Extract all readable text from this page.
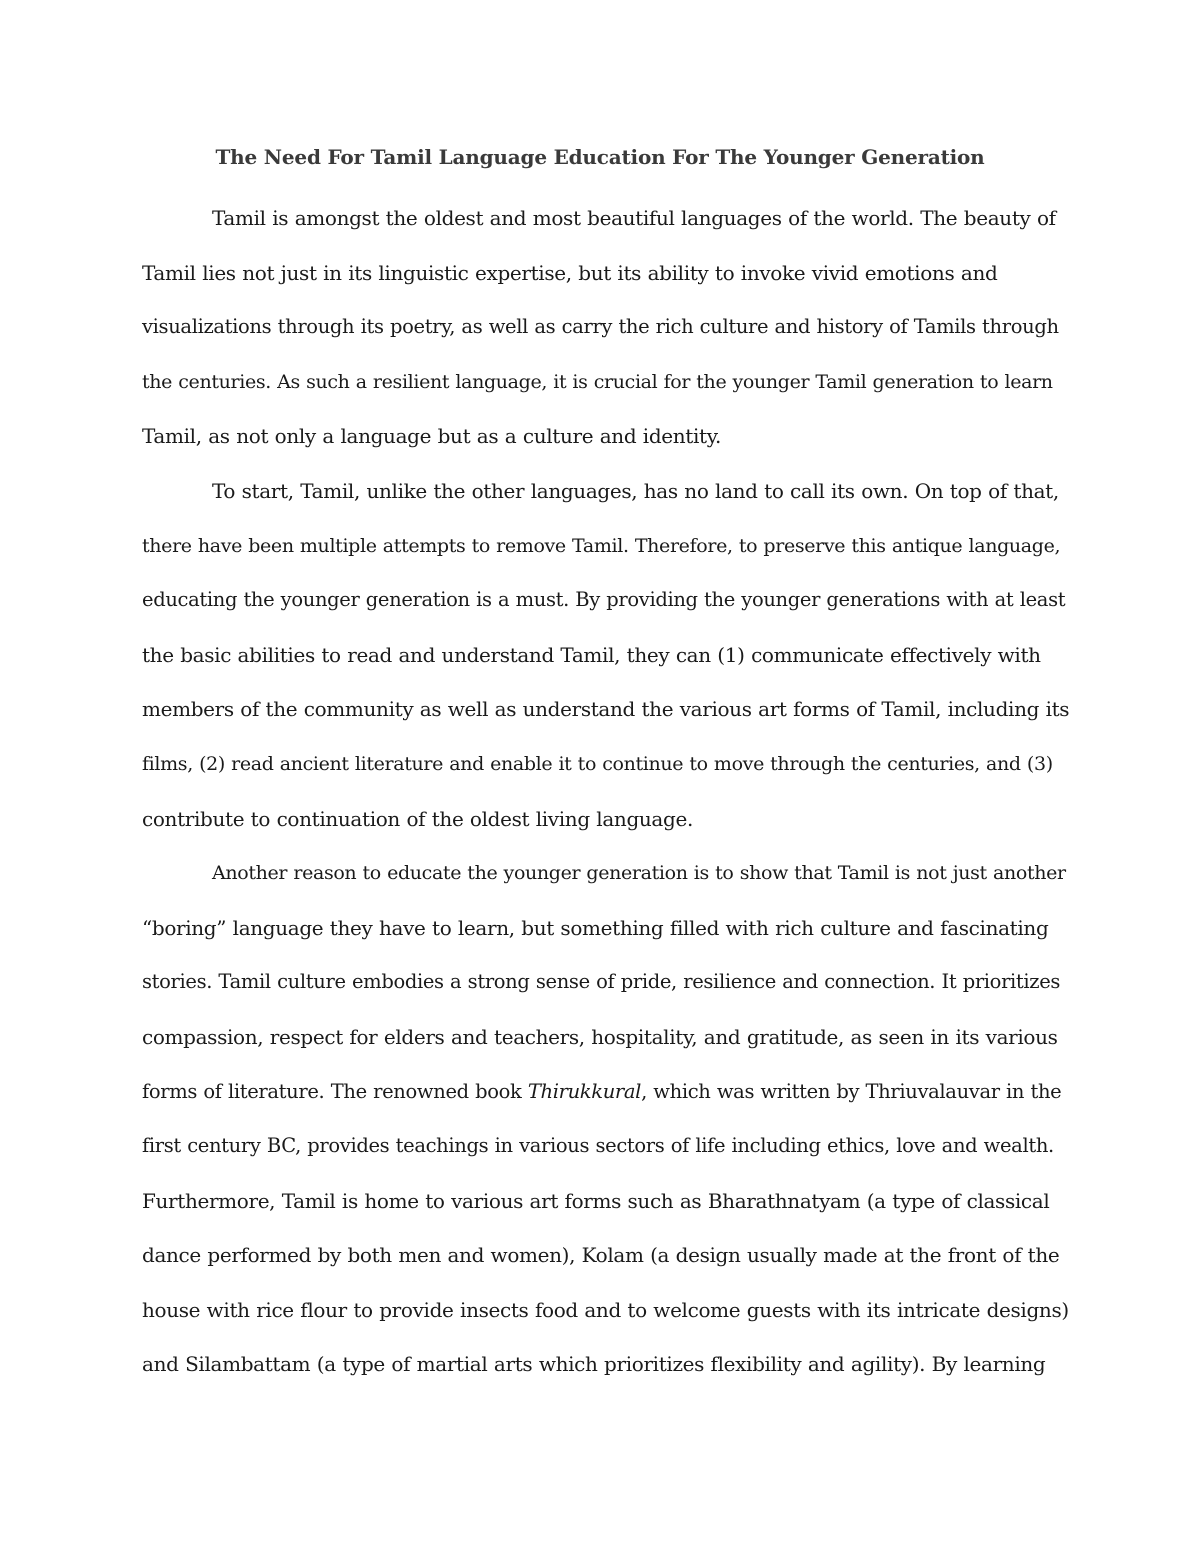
The Need For Tamil Language Education For The Younger Generation
Tamil is amongst the oldest and most beautiful languages of the world. The beauty of
Tamil lies not just in its linguistic expertise, but its ability to invoke vivid emotions and
visualizations through its poetry, as well as carry the rich culture and history of Tamils through
the centuries. As such a resilient language, it is crucial for the younger Tamil generation to learn
Tamil, as not only a language but as a culture and identity.
To start, Tamil, unlike the other languages, has no land to call its own. On top of that,
there have been multiple attempts to remove Tamil. Therefore, to preserve this antique language,
educating the younger generation is a must. By providing the younger generations with at least
the basic abilities to read and understand Tamil, they can (1) communicate effectively with
members of the community as well as understand the various art forms of Tamil, including its
films, (2) read ancient literature and enable it to continue to move through the centuries, and (3)
contribute to continuation of the oldest living language.
Another reason to educate the younger generation is to show that Tamil is not just another
“boring” language they have to learn, but something filled with rich culture and fascinating
stories. Tamil culture embodies a strong sense of pride, resilience and connection. It prioritizes
compassion, respect for elders and teachers, hospitality, and gratitude, as seen in its various
forms of literature. The renowned book Thirukkural, which was written by Thriuvalauvar in the
first century BC, provides teachings in various sectors of life including ethics, love and wealth.
Furthermore, Tamil is home to various art forms such as Bharathnatyam (a type of classical
dance performed by both men and women), Kolam (a design usually made at the front of the
house with rice flour to provide insects food and to welcome guests with its intricate designs)
and Silambattam (a type of martial arts which prioritizes flexibility and agility). By learning
